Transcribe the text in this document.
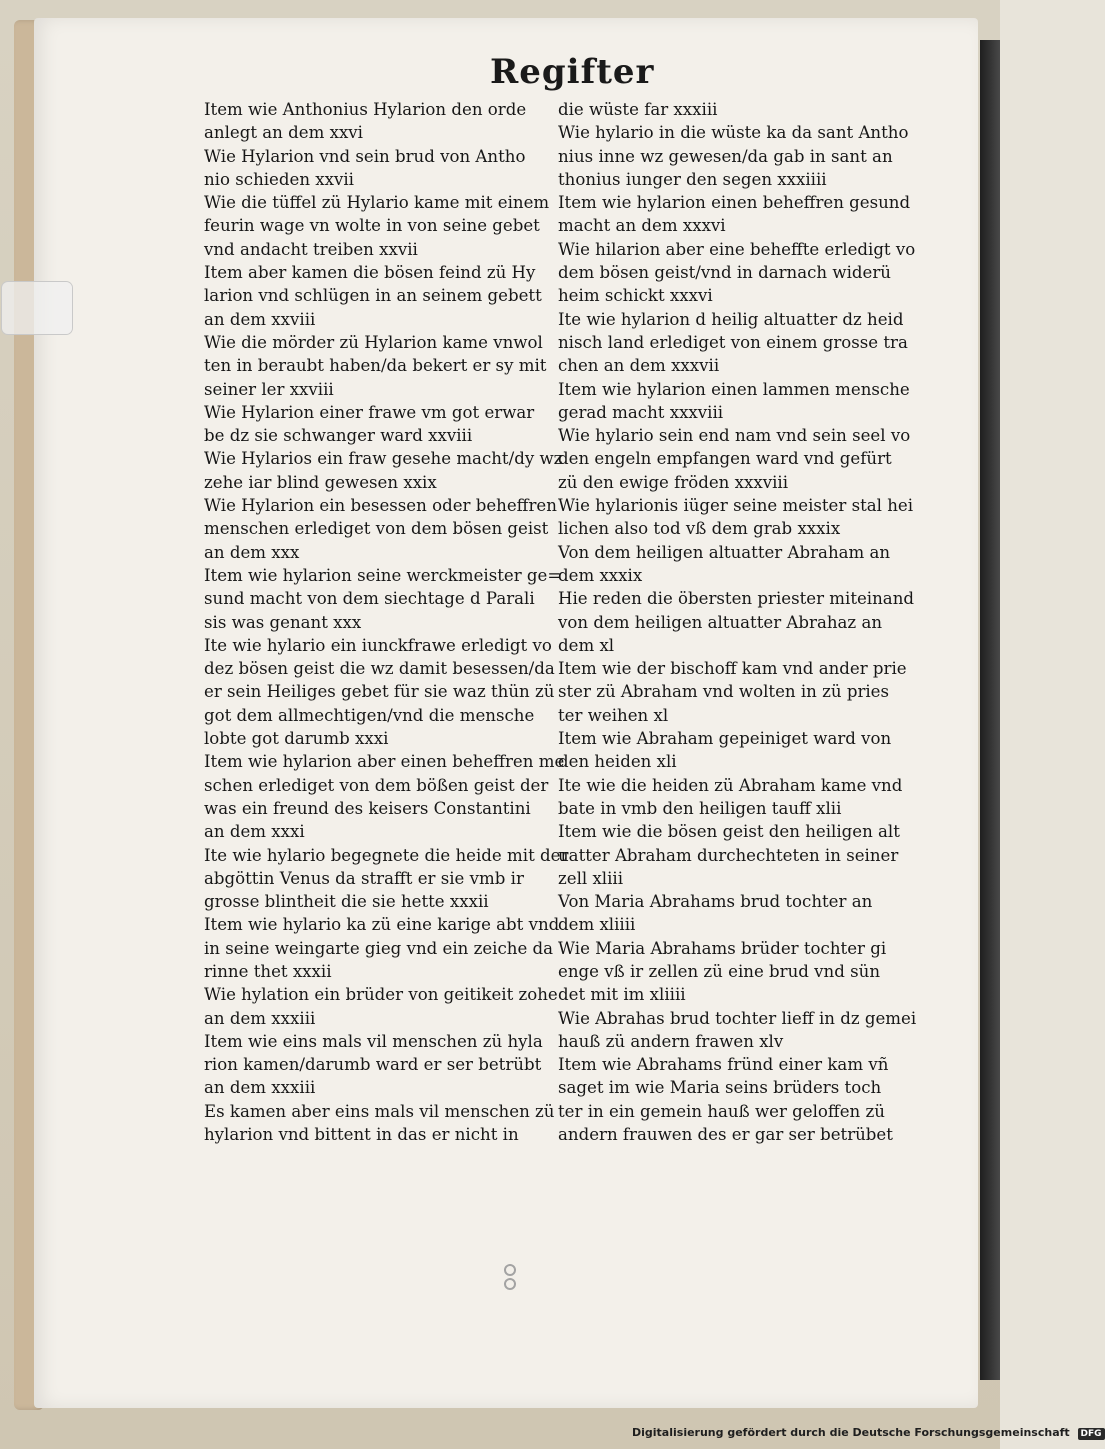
Regifter
Item wie Anthonius Hylarion den orde
anlegt an dem xxvi
Wie Hylarion vnd sein brud von Antho
nio schieden xxvii
Wie die tüffel zü Hylario kame mit einem
feurin wage vn wolte in von seine gebet
vnd andacht treiben xxvii
Item aber kamen die bösen feind zü Hy
larion vnd schlügen in an seinem gebett
an dem xxviii
Wie die mörder zü Hylarion kame vnwol
ten in beraubt haben/da bekert er sy mit
seiner ler xxviii
Wie Hylarion einer frawe vm got erwar
be dz sie schwanger ward xxviii
Wie Hylarios ein fraw gesehe macht/dy wz
zehe iar blind gewesen xxix
Wie Hylarion ein besessen oder beheffren
menschen erlediget von dem bösen geist
an dem xxx
Item wie hylarion seine werckmeister ge=
sund macht von dem siechtage d Parali
sis was genant xxx
Ite wie hylario ein iunckfrawe erledigt vo
dez bösen geist die wz damit besessen/da
er sein Heiliges gebet für sie waz thün zü
got dem allmechtigen/vnd die mensche
lobte got darumb xxxi
Item wie hylarion aber einen beheffren me
schen erlediget von dem bößen geist der
was ein freund des keisers Constantini
an dem xxxi
Ite wie hylario begegnete die heide mit der
abgöttin Venus da strafft er sie vmb ir
grosse blintheit die sie hette xxxii
Item wie hylario ka zü eine karige abt vnd
in seine weingarte gieg vnd ein zeiche da
rinne thet xxxii
Wie hylation ein brüder von geitikeit zohe
an dem xxxiii
Item wie eins mals vil menschen zü hyla
rion kamen/darumb ward er ser betrübt
an dem xxxiii
Es kamen aber eins mals vil menschen zü
hylarion vnd bittent in das er nicht in
die wüste far xxxiii
Wie hylario in die wüste ka da sant Antho
nius inne wz gewesen/da gab in sant an
thonius iunger den segen xxxiiii
Item wie hylarion einen beheffren gesund
macht an dem xxxvi
Wie hilarion aber eine beheffte erledigt vo
dem bösen geist/vnd in darnach widerü
heim schickt xxxvi
Ite wie hylarion d heilig altuatter dz heid
nisch land erlediget von einem grosse tra
chen an dem xxxvii
Item wie hylarion einen lammen mensche
gerad macht xxxviii
Wie hylario sein end nam vnd sein seel vo
den engeln empfangen ward vnd gefürt
zü den ewige fröden xxxviii
Wie hylarionis iüger seine meister stal hei
lichen also tod vß dem grab xxxix
Von dem heiligen altuatter Abraham an
dem xxxix
Hie reden die öbersten priester miteinand
von dem heiligen altuatter Abrahaz an
dem xl
Item wie der bischoff kam vnd ander prie
ster zü Abraham vnd wolten in zü pries
ter weihen xl
Item wie Abraham gepeiniget ward von
den heiden xli
Ite wie die heiden zü Abraham kame vnd
bate in vmb den heiligen tauff xlii
Item wie die bösen geist den heiligen alt
uatter Abraham durchechteten in seiner
zell xliii
Von Maria Abrahams brud tochter an
dem xliiii
Wie Maria Abrahams brüder tochter gi
enge vß ir zellen zü eine brud vnd sün
det mit im xliiii
Wie Abrahas brud tochter lieff in dz gemei
hauß zü andern frawen xlv
Item wie Abrahams fründ einer kam vñ
saget im wie Maria seins brüders toch
ter in ein gemein hauß wer geloffen zü
andern frauwen des er gar ser betrübet
Digitalisierung gefördert durch die Deutsche Forschungsgemeinschaft DFG
